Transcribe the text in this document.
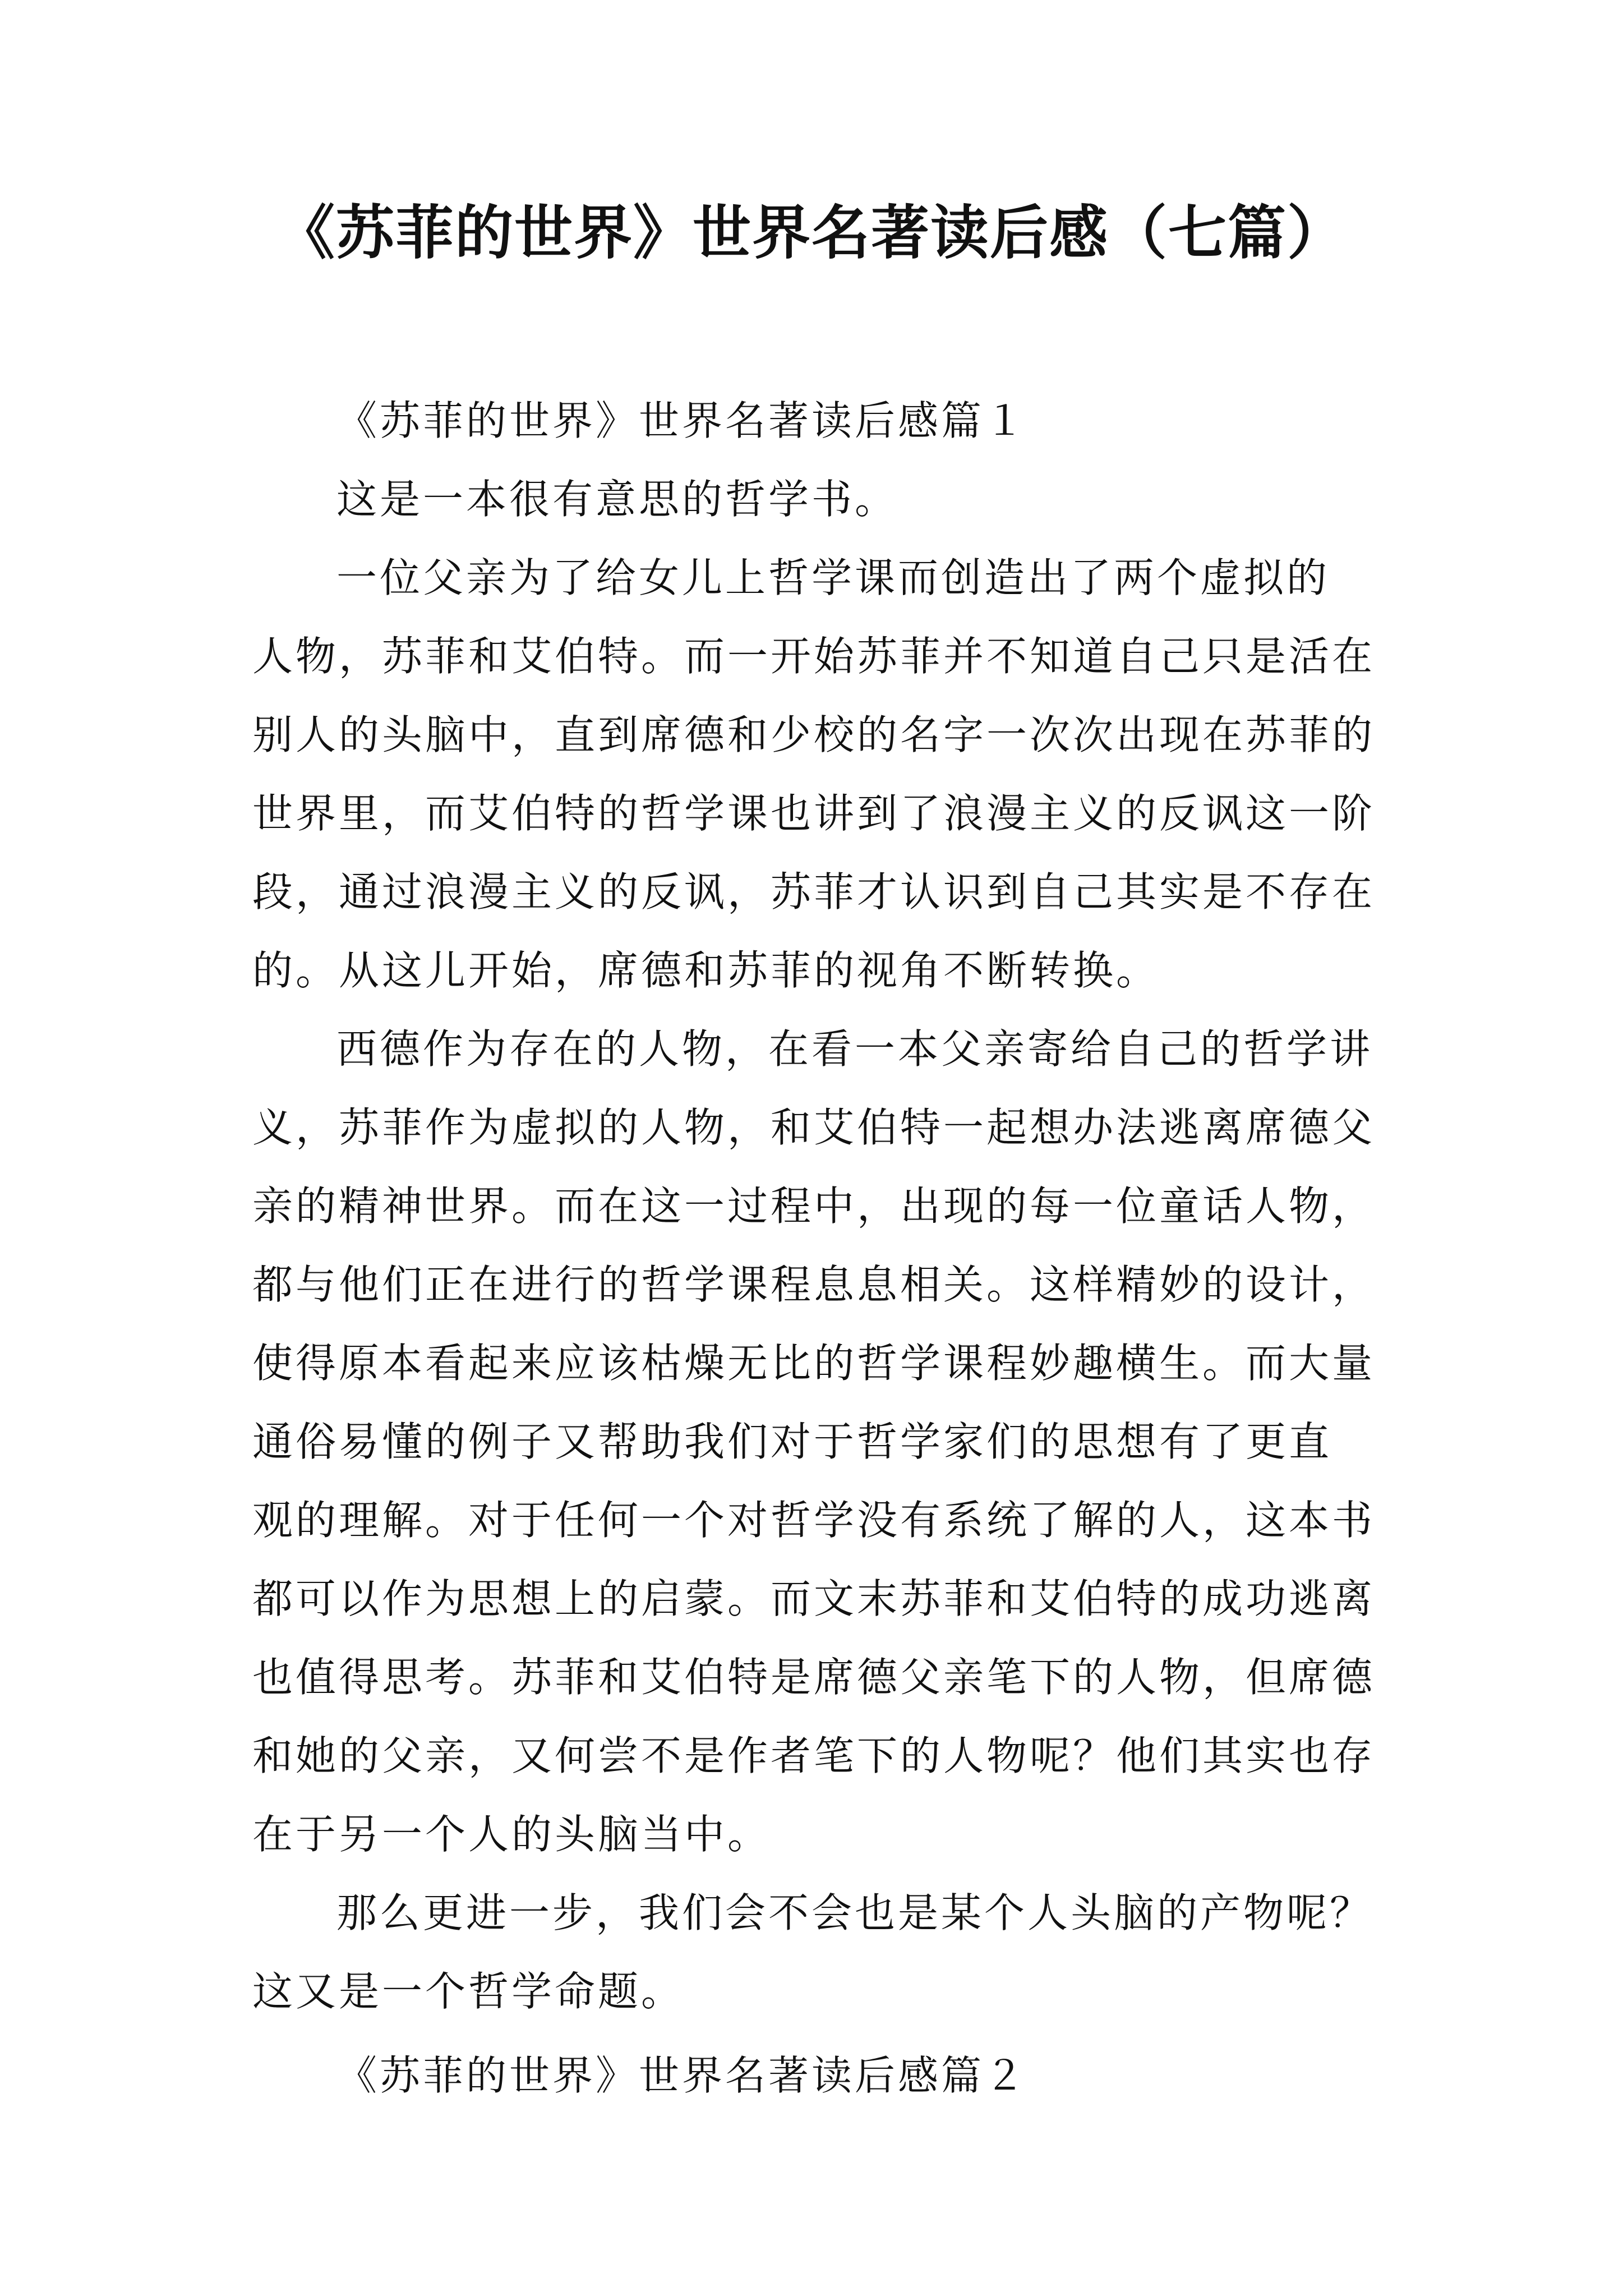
《苏菲的世界》世界名著读后感（七篇）
《苏菲的世界》世界名著读后感篇１
这是一本很有意思的哲学书。
一位父亲为了给女儿上哲学课而创造出了两个虚拟的
人物，苏菲和艾伯特。而一开始苏菲并不知道自己只是活在
别人的头脑中，直到席德和少校的名字一次次出现在苏菲的
世界里，而艾伯特的哲学课也讲到了浪漫主义的反讽这一阶
段，通过浪漫主义的反讽，苏菲才认识到自己其实是不存在
的。从这儿开始，席德和苏菲的视角不断转换。
西德作为存在的人物，在看一本父亲寄给自己的哲学讲
义，苏菲作为虚拟的人物，和艾伯特一起想办法逃离席德父
亲的精神世界。而在这一过程中，出现的每一位童话人物，
都与他们正在进行的哲学课程息息相关。这样精妙的设计，
使得原本看起来应该枯燥无比的哲学课程妙趣横生。而大量
通俗易懂的例子又帮助我们对于哲学家们的思想有了更直
观的理解。对于任何一个对哲学没有系统了解的人，这本书
都可以作为思想上的启蒙。而文末苏菲和艾伯特的成功逃离
也值得思考。苏菲和艾伯特是席德父亲笔下的人物，但席德
和她的父亲，又何尝不是作者笔下的人物呢？他们其实也存
在于另一个人的头脑当中。
那么更进一步，我们会不会也是某个人头脑的产物呢？
这又是一个哲学命题。
《苏菲的世界》世界名著读后感篇２
